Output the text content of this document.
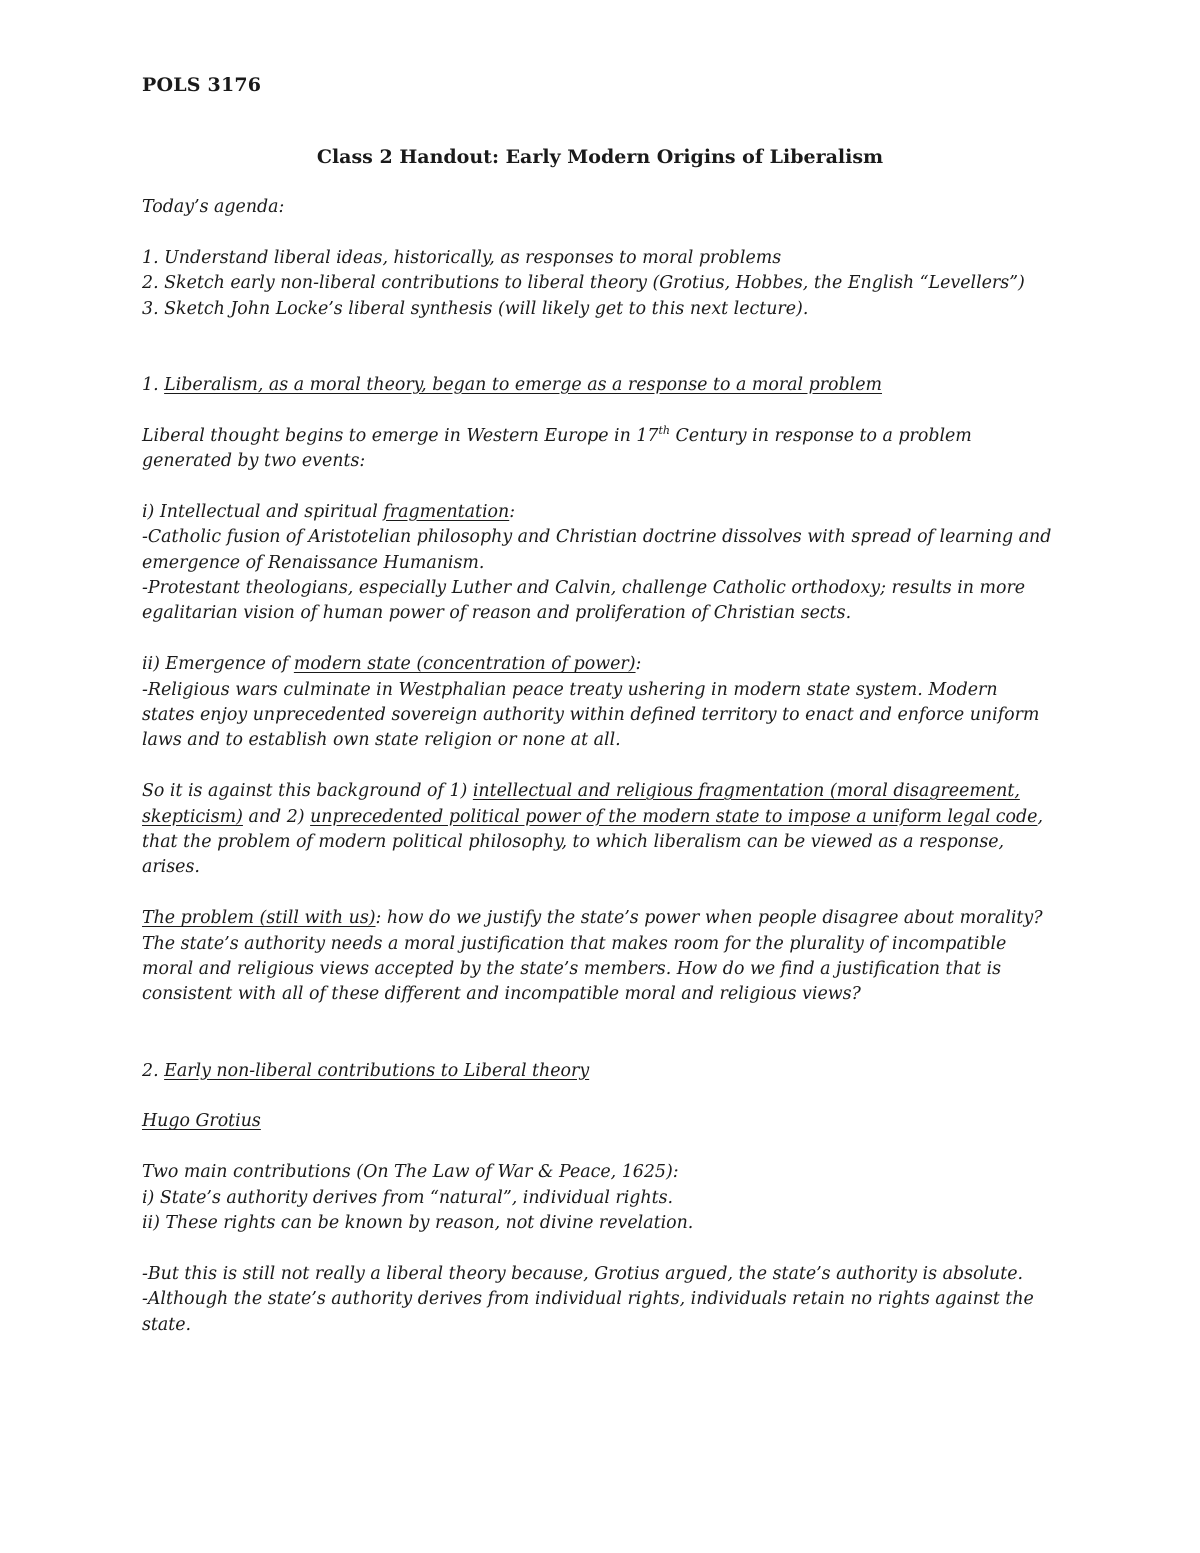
POLS 3176
Class 2 Handout: Early Modern Origins of Liberalism

Today’s agenda:

1. Understand liberal ideas, historically, as responses to moral problems

2. Sketch early non-liberal contributions to liberal theory (Grotius, Hobbes, the English “Levellers”)

3. Sketch John Locke’s liberal synthesis (will likely get to this next lecture).

1. Liberalism, as a moral theory, began to emerge as a response to a moral problem

Liberal thought begins to emerge in Western Europe in 17th Century in response to a problem

generated by two events:

i) Intellectual and spiritual fragmentation:

-Catholic fusion of Aristotelian philosophy and Christian doctrine dissolves with spread of learning and

emergence of Renaissance Humanism.

-Protestant theologians, especially Luther and Calvin, challenge Catholic orthodoxy; results in more

egalitarian vision of human power of reason and proliferation of Christian sects.

ii) Emergence of modern state (concentration of power):

-Religious wars culminate in Westphalian peace treaty ushering in modern state system. Modern

states enjoy unprecedented sovereign authority within defined territory to enact and enforce uniform

laws and to establish own state religion or none at all.

So it is against this background of 1) intellectual and religious fragmentation (moral disagreement,

skepticism) and 2) unprecedented political power of the modern state to impose a uniform legal code,

that the problem of modern political philosophy, to which liberalism can be viewed as a response,

arises.

The problem (still with us): how do we justify the state’s power when people disagree about morality?

The state’s authority needs a moral justification that makes room for the plurality of incompatible

moral and religious views accepted by the state’s members. How do we find a justification that is

consistent with all of these different and incompatible moral and religious views?

2. Early non-liberal contributions to Liberal theory

Hugo Grotius

Two main contributions (On The Law of War & Peace, 1625):

i) State’s authority derives from “natural”, individual rights.

ii) These rights can be known by reason, not divine revelation.

-But this is still not really a liberal theory because, Grotius argued, the state’s authority is absolute.

-Although the state’s authority derives from individual rights, individuals retain no rights against the

state.
